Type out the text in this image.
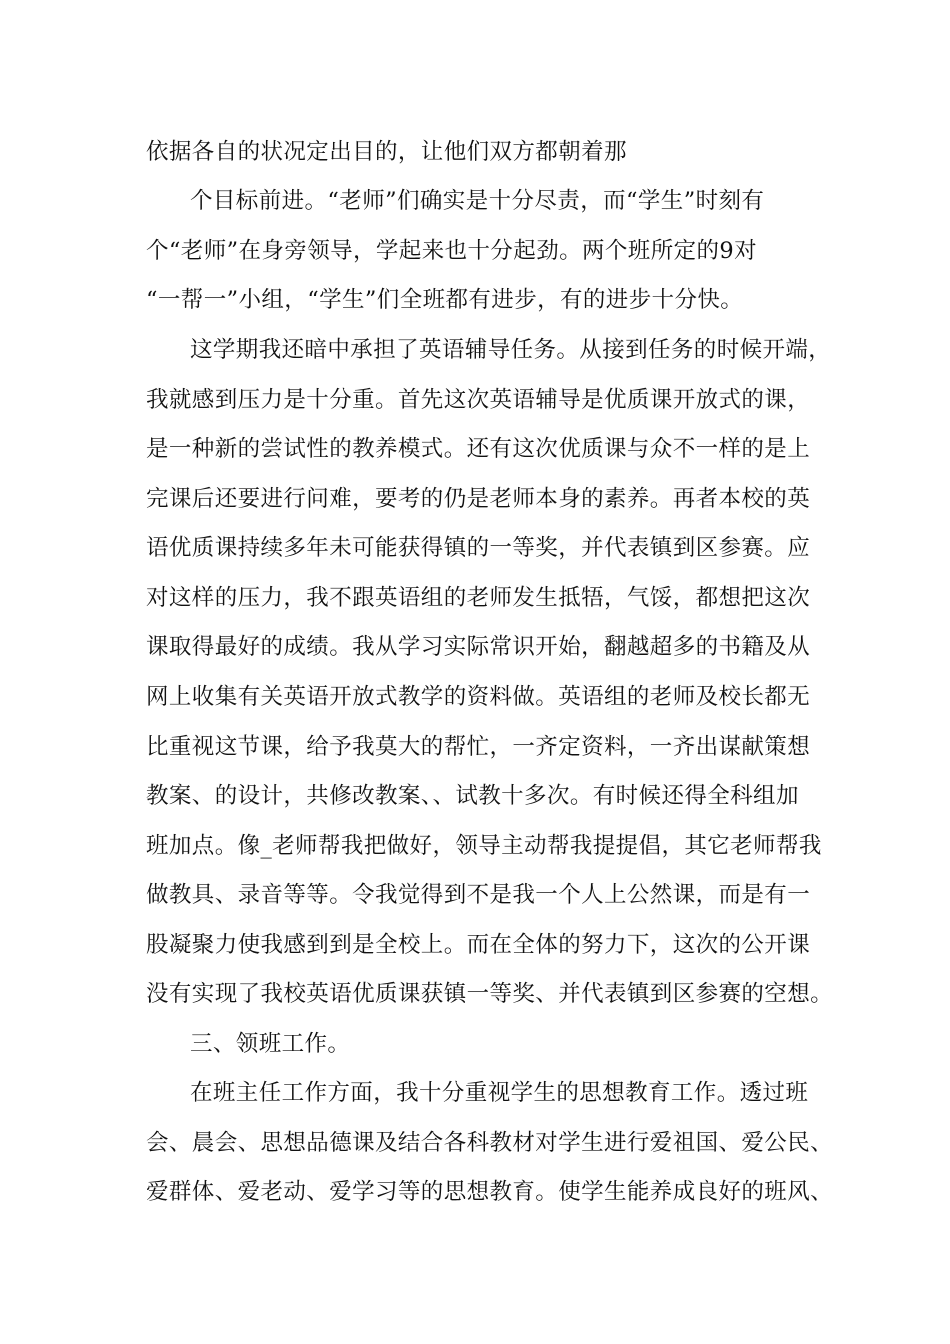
依据各自的状况定出目的，让他们双方都朝着那
个目标前进。“老师”们确实是十分尽责，而“学生”时刻有
个“老师”在身旁领导，学起来也十分起劲。两个班所定的9对
“一帮一”小组，“学生”们全班都有进步，有的进步十分快。
这学期我还暗中承担了英语辅导任务。从接到任务的时候开端，
我就感到压力是十分重。首先这次英语辅导是优质课开放式的课，
是一种新的尝试性的教养模式。还有这次优质课与众不一样的是上
完课后还要进行问难，要考的仍是老师本身的素养。再者本校的英
语优质课持续多年未可能获得镇的一等奖，并代表镇到区参赛。应
对这样的压力，我不跟英语组的老师发生抵牾，气馁，都想把这次
课取得最好的成绩。我从学习实际常识开始，翻越超多的书籍及从
网上收集有关英语开放式教学的资料做。英语组的老师及校长都无
比重视这节课，给予我莫大的帮忙，一齐定资料，一齐出谋献策想
教案、的设计，共修改教案、、试教十多次。有时候还得全科组加
班加点。像_老师帮我把做好，领导主动帮我提提倡，其它老师帮我
做教具、录音等等。令我觉得到不是我一个人上公然课，而是有一
股凝聚力使我感到到是全校上。而在全体的努力下，这次的公开课
没有实现了我校英语优质课获镇一等奖、并代表镇到区参赛的空想。
三、领班工作。
在班主任工作方面，我十分重视学生的思想教育工作。透过班
会、晨会、思想品德课及结合各科教材对学生进行爱祖国、爱公民、
爱群体、爱老动、爱学习等的思想教育。使学生能养成良好的班风、
